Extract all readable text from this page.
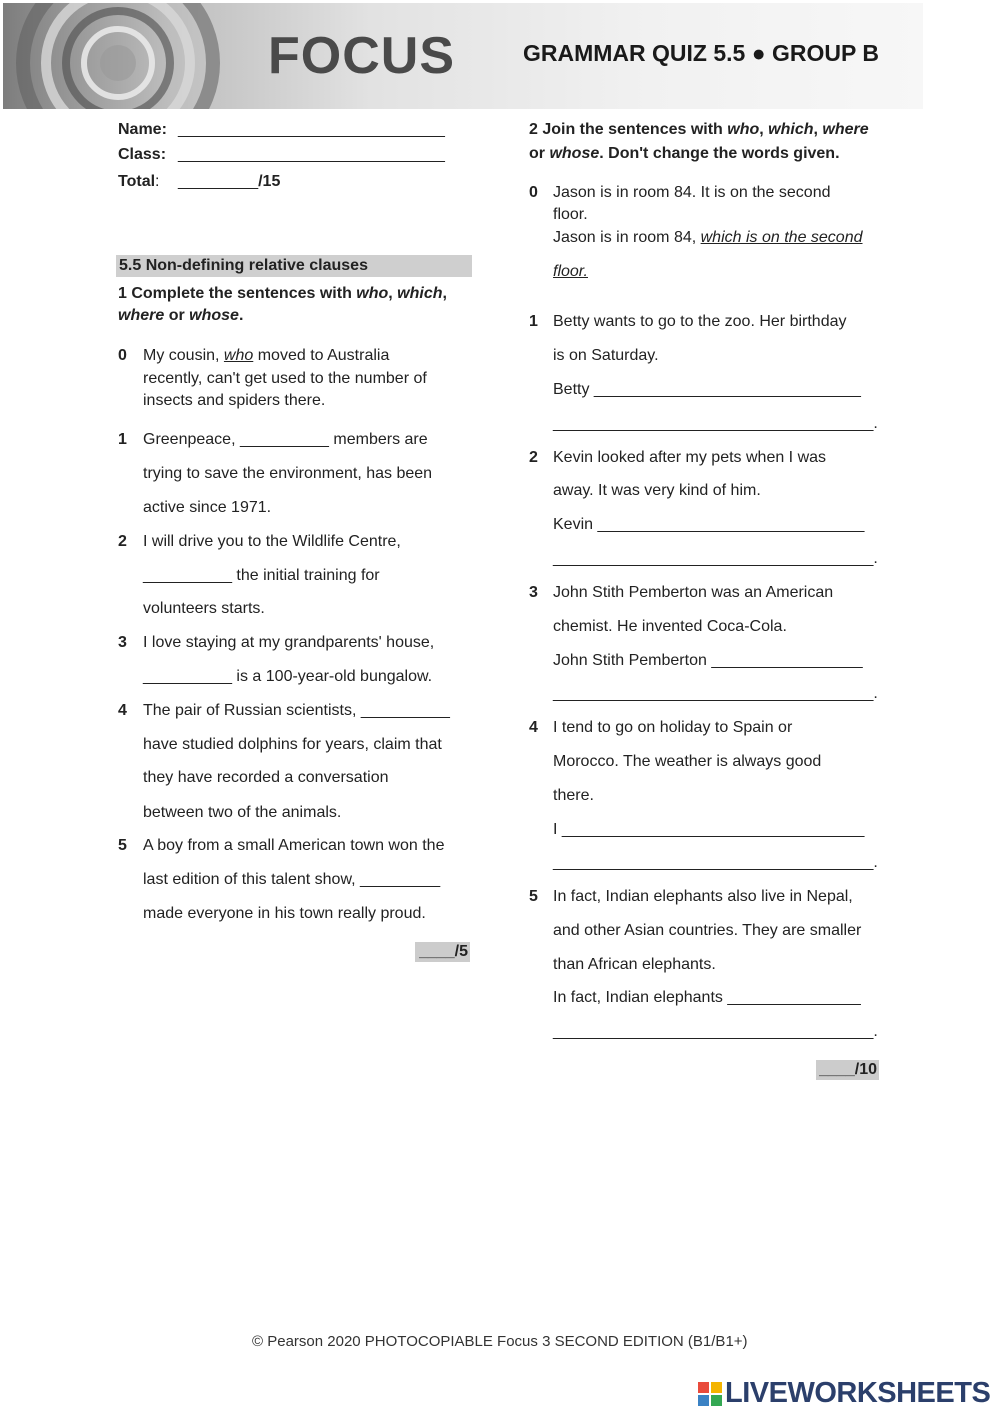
FOCUS	GRAMMAR QUIZ 5.5 ● GROUP B
Name: ______________________________
Class: ______________________________
Total: _________/15
5.5 Non-defining relative clauses
1 Complete the sentences with who, which,
where or whose.
0 My cousin, who moved to Australia
recently, can't get used to the number of
insects and spiders there.
1 Greenpeace, __________ members are
trying to save the environment, has been
active since 1971.
2 I will drive you to the Wildlife Centre,
__________ the initial training for
volunteers starts.
3 I love staying at my grandparents' house,
__________ is a 100-year-old bungalow.
4 The pair of Russian scientists, __________
have studied dolphins for years, claim that
they have recorded a conversation
between two of the animals.
5 A boy from a small American town won the
last edition of this talent show, _________
made everyone in his town really proud.
____/5
2 Join the sentences with who, which, where
or whose. Don't change the words given.
0 Jason is in room 84. It is on the second
floor.
Jason is in room 84, which is on the second
floor.
1 Betty wants to go to the zoo. Her birthday
is on Saturday.
Betty ______________________________
____________________________________.
2 Kevin looked after my pets when I was
away. It was very kind of him.
Kevin ______________________________
____________________________________.
3 John Stith Pemberton was an American
chemist. He invented Coca-Cola.
John Stith Pemberton _________________
____________________________________.
4 I tend to go on holiday to Spain or
Morocco. The weather is always good
there.
I __________________________________
____________________________________.
5 In fact, Indian elephants also live in Nepal,
and other Asian countries. They are smaller
than African elephants.
In fact, Indian elephants _______________
____________________________________.
____/10
© Pearson 2020 PHOTOCOPIABLE Focus 3 SECOND EDITION (B1/B1+)
LIVEWORKSHEETS
